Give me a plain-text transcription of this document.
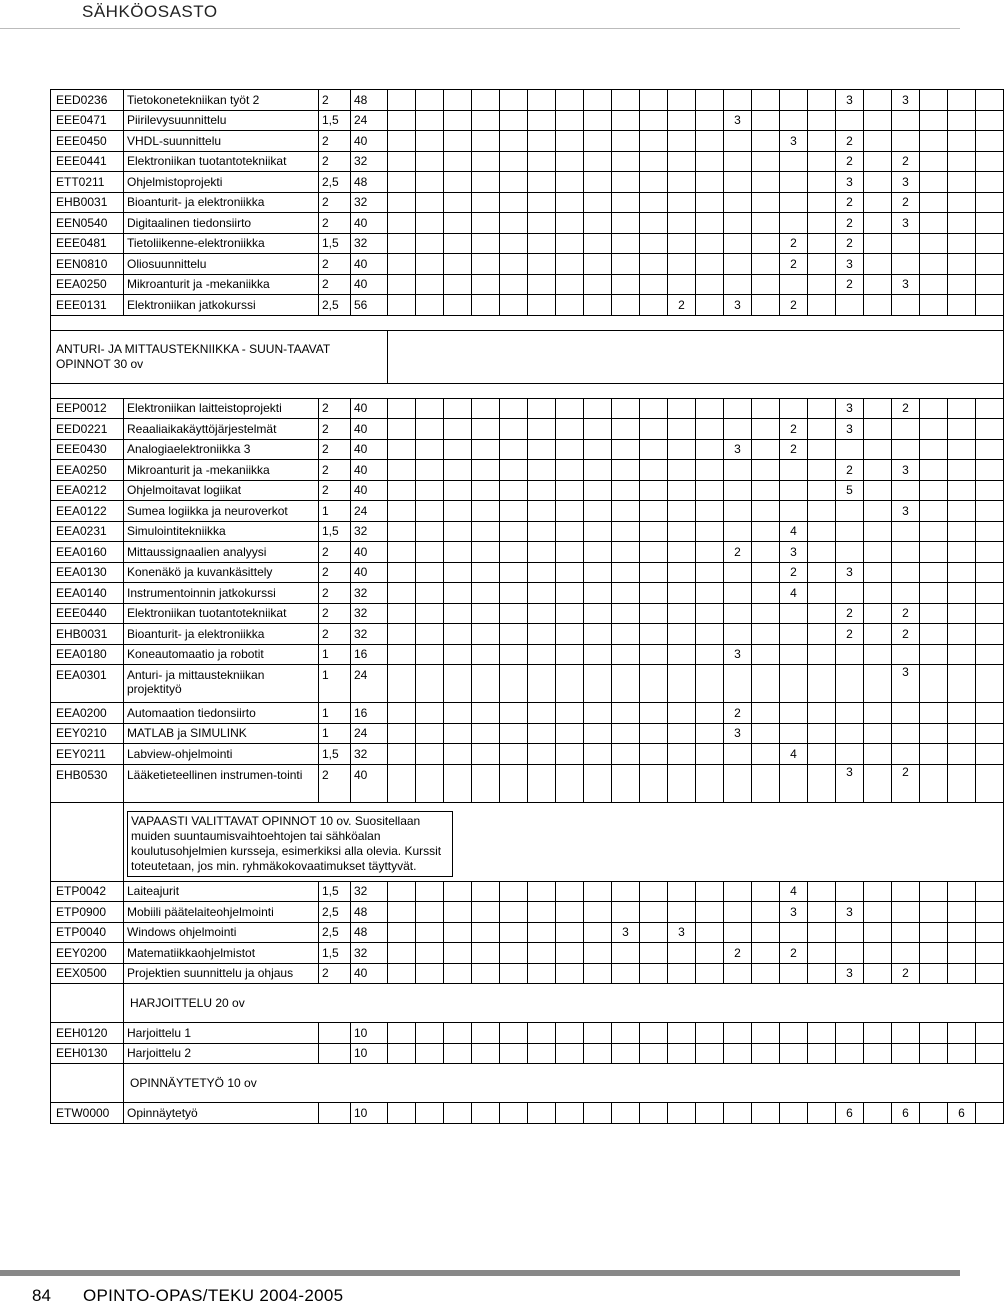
SÄHKÖOSASTO
EED0236	Tietokonetekniikan työt 2	2	48																	3		3			
EEE0471	Piirilevysuunnittelu	1,5	24													3									
EEE0450	VHDL-suunnittelu	2	40															3		2					
EEE0441	Elektroniikan tuotantotekniikat	2	32																	2		2			
ETT0211	Ohjelmistoprojekti	2,5	48																	3		3			
EHB0031	Bioanturit- ja elektroniikka	2	32																	2		2			
EEN0540	Digitaalinen tiedonsiirto	2	40																	2		3			
EEE0481	Tietoliikenne-elektroniikka	1,5	32															2		2					
EEN0810	Oliosuunnittelu	2	40															2		3					
EEA0250	Mikroanturit ja -mekaniikka	2	40																	2		3			
EEE0131	Elektroniikan jatkokurssi	2,5	56											2		3		2							

ANTURI- JA MITTAUSTEKNIIKKA - SUUN-TAAVAT OPINNOT 30 ov																									

EEP0012	Elektroniikan laitteistoprojekti	2	40																	3		2			
EED0221	Reaaliaikakäyttöjärjestelmät	2	40															2		3					
EEE0430	Analogiaelektroniikka 3	2	40													3		2							
EEA0250	Mikroanturit ja -mekaniikka	2	40																	2		3			
EEA0212	Ohjelmoitavat logiikat	2	40																	5					
EEA0122	Sumea logiikka ja neuroverkot	1	24																			3			
EEA0231	Simulointitekniikka	1,5	32															4							
EEA0160	Mittaussignaalien analyysi	2	40													2		3							
EEA0130	Konenäkö ja kuvankäsittely	2	40															2		3					
EEA0140	Instrumentoinnin jatkokurssi	2	32															4							
EEE0440	Elektroniikan tuotantotekniikat	2	32																	2		2			
EHB0031	Bioanturit- ja elektroniikka	2	32																	2		2			
EEA0180	Koneautomaatio ja robotit	1	16													3									
EEA0301	Anturi- ja mittaustekniikan projektityö	1	24																			3			
EEA0200	Automaation tiedonsiirto	1	16													2									
EEY0210	MATLAB ja SIMULINK	1	24													3									
EEY0211	Labview-ohjelmointi	1,5	32															4							
EHB0530	Lääketieteellinen instrumen-tointi	2	40																	3		2			

	VAPAASTI VALITTAVAT OPINNOT 10 ov. Suositellaan muiden suuntaumisvaihtoehtojen tai sähköalan koulutusohjelmien kursseja, esimerkiksi alla olevia. Kurssit toteutetaan, jos min. ryhmäkokovaatimukset täyttyvät.																								

ETP0042	Laiteajurit	1,5	32															4							
ETP0900	Mobiili päätelaiteohjelmointi	2,5	48															3		3					
ETP0040	Windows ohjelmointi	2,5	48									3		3											
EEY0200	Matematiikkaohjelmistot	1,5	32													2		2							
EEX0500	Projektien suunnittelu ja ohjaus	2	40																	3		2			
	HARJOITTELU 20 ov																								
EEH0120	Harjoittelu 1		10																						
EEH0130	Harjoittelu 2		10																						
	OPINNÄYTETYÖ 10 ov																								
ETW0000	Opinnäytetyö		10																	6		6		6	
84 OPINTO-OPAS/TEKU 2004-2005
